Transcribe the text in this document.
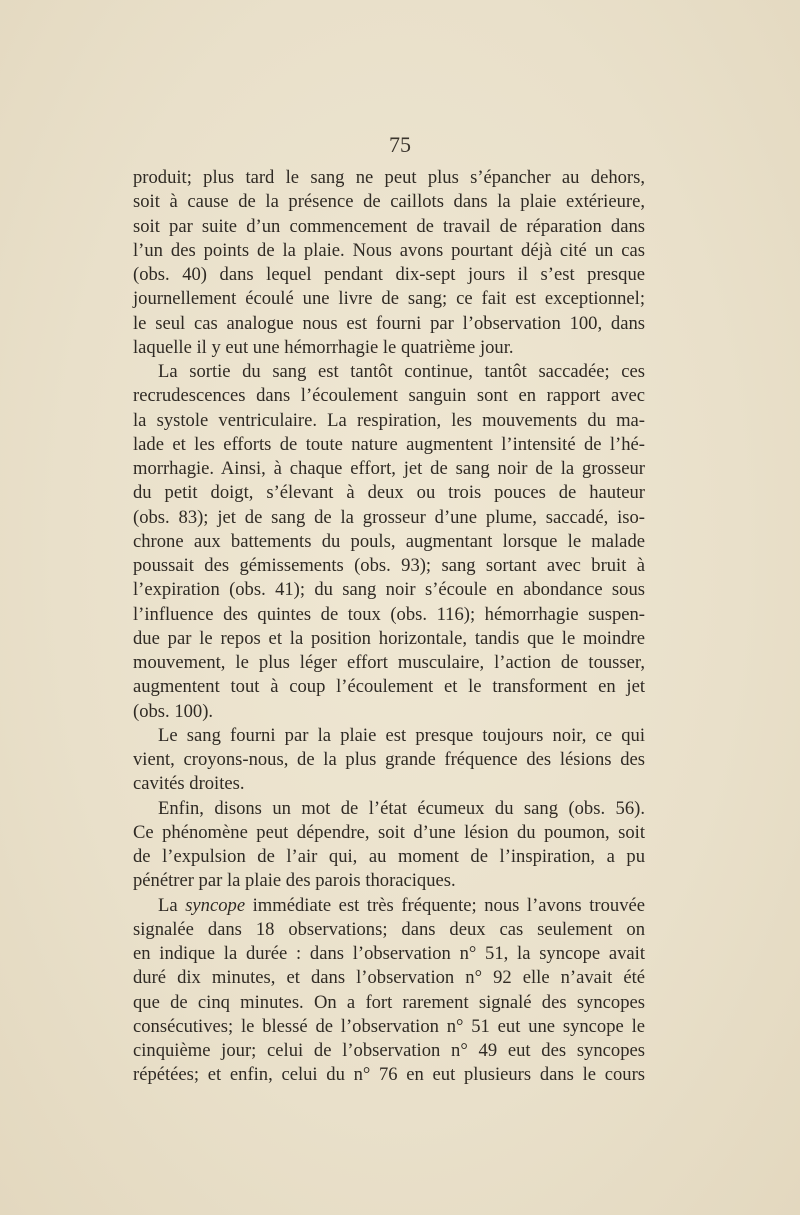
75
produit; plus tard le sang ne peut plus s’épancher au dehors,
soit à cause de la présence de caillots dans la plaie extérieure,
soit par suite d’un commencement de travail de réparation dans
l’un des points de la plaie. Nous avons pourtant déjà cité un cas
(obs. 40) dans lequel pendant dix-sept jours il s’est presque
journellement écoulé une livre de sang; ce fait est exceptionnel;
le seul cas analogue nous est fourni par l’observation 100, dans
laquelle il y eut une hémorrhagie le quatrième jour.
La sortie du sang est tantôt continue, tantôt saccadée; ces
recrudescences dans l’écoulement sanguin sont en rapport avec
la systole ventriculaire. La respiration, les mouvements du ma-
lade et les efforts de toute nature augmentent l’intensité de l’hé-
morrhagie. Ainsi, à chaque effort, jet de sang noir de la grosseur
du petit doigt, s’élevant à deux ou trois pouces de hauteur
(obs. 83); jet de sang de la grosseur d’une plume, saccadé, iso-
chrone aux battements du pouls, augmentant lorsque le malade
poussait des gémissements (obs. 93); sang sortant avec bruit à
l’expiration (obs. 41); du sang noir s’écoule en abondance sous
l’influence des quintes de toux (obs. 116); hémorrhagie suspen-
due par le repos et la position horizontale, tandis que le moindre
mouvement, le plus léger effort musculaire, l’action de tousser,
augmentent tout à coup l’écoulement et le transforment en jet
(obs. 100).
Le sang fourni par la plaie est presque toujours noir, ce qui
vient, croyons-nous, de la plus grande fréquence des lésions des
cavités droites.
Enfin, disons un mot de l’état écumeux du sang (obs. 56).
Ce phénomène peut dépendre, soit d’une lésion du poumon, soit
de l’expulsion de l’air qui, au moment de l’inspiration, a pu
pénétrer par la plaie des parois thoraciques.
La syncope immédiate est très fréquente; nous l’avons trouvée
signalée dans 18 observations; dans deux cas seulement on
en indique la durée : dans l’observation n° 51, la syncope avait
duré dix minutes, et dans l’observation n° 92 elle n’avait été
que de cinq minutes. On a fort rarement signalé des syncopes
consécutives; le blessé de l’observation n° 51 eut une syncope le
cinquième jour; celui de l’observation n° 49 eut des syncopes
répétées; et enfin, celui du n° 76 en eut plusieurs dans le cours
